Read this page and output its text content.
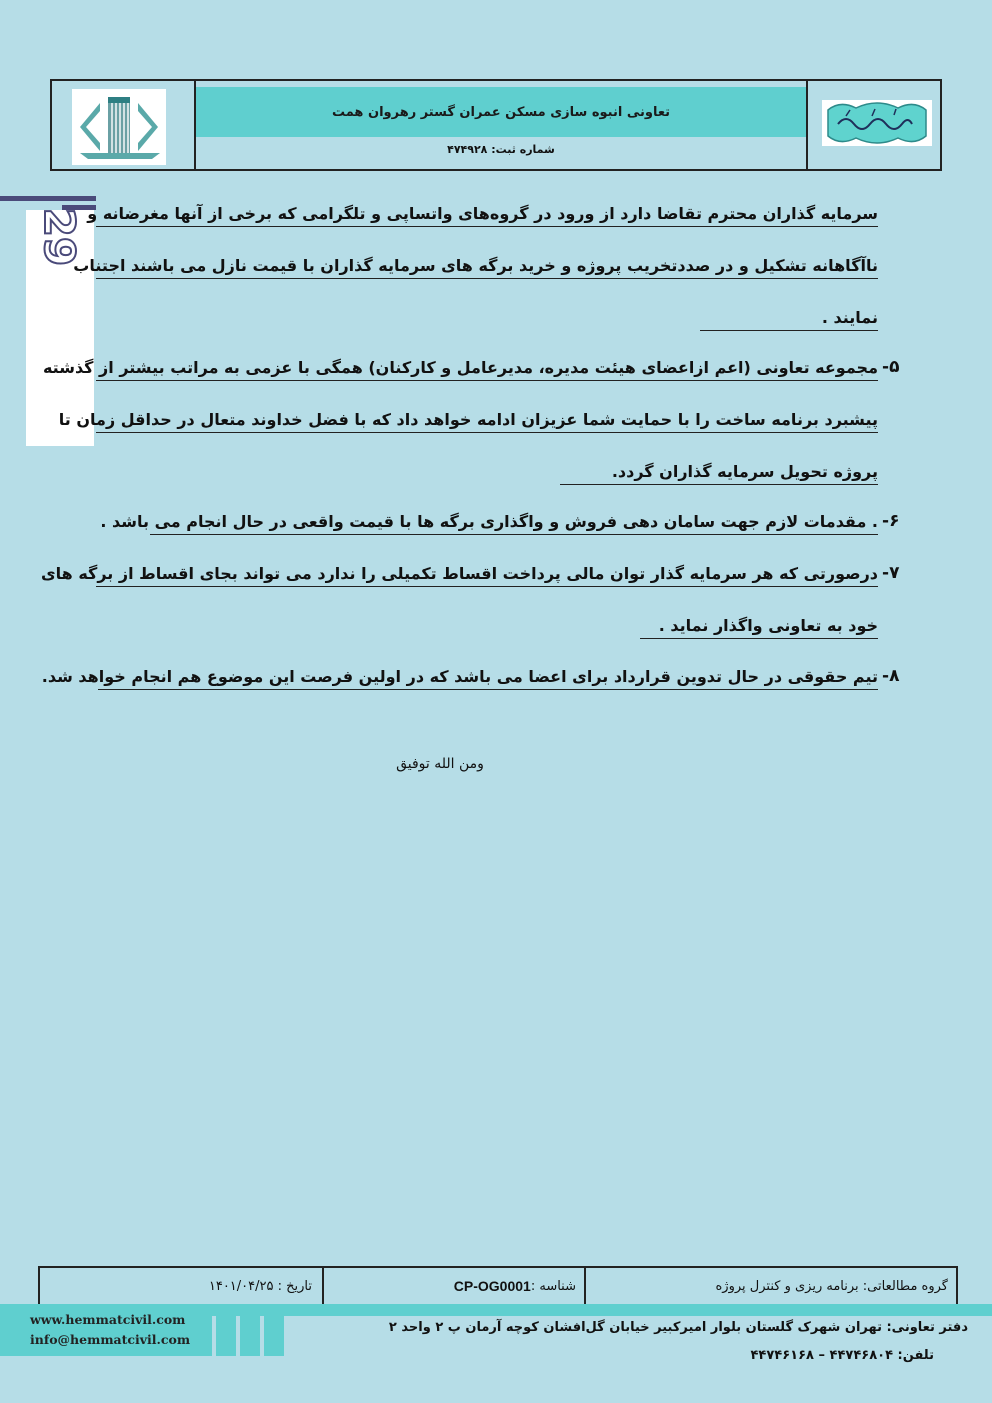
تعاونی انبوه سازی مسکن عمران گستر رهروان همت
شماره ثبت: ۴۷۴۹۲۸
29 سرمایه گذاران محترم تقاضا دارد از ورود در گروه‌های واتساپی و تلگرامی که برخی از آنها مغرضانه و
ناآگاهانه تشکیل و در صددتخریب پروژه و خرید برگه های سرمایه گذاران با قیمت نازل می باشند اجتناب
نمایند .
۵-
مجموعه تعاونی (اعم ازاعضای هیئت مدیره، مدیرعامل و کارکنان) همگی با عزمی به مراتب بیشتر از گذشته
پیشبرد برنامه ساخت را با حمایت شما عزیزان ادامه خواهد داد که با فضل خداوند متعال در حداقل زمان تا
پروژه تحویل سرمایه گذاران گردد.
۶-
. مقدمات لازم جهت سامان دهی فروش و واگذاری برگه ها با قیمت واقعی در حال انجام می باشد .
۷-
درصورتی که هر سرمایه گذار توان مالی پرداخت اقساط تکمیلی را ندارد می تواند بجای اقساط از برگه های
خود به تعاونی واگذار نماید .
۸-
تیم حقوقی در حال تدوین قرارداد برای اعضا می باشد که در اولین فرصت این موضوع هم انجام خواهد شد.
ومن الله توفیق
گروه مطالعاتی: برنامه ریزی و کنترل پروژه
شناسه :
CP-OG0001
تاریخ : ۱۴۰۱/۰۴/۲۵
www.hemmatcivil.com
info@hemmatcivil.com
دفتر تعاونی: تهران شهرک گلستان بلوار امیرکبیر خیابان گل‌افشان کوچه آرمان پ ۲ واحد ۲
تلفن: ۴۴۷۴۶۸۰۴ – ۴۴۷۴۶۱۶۸
